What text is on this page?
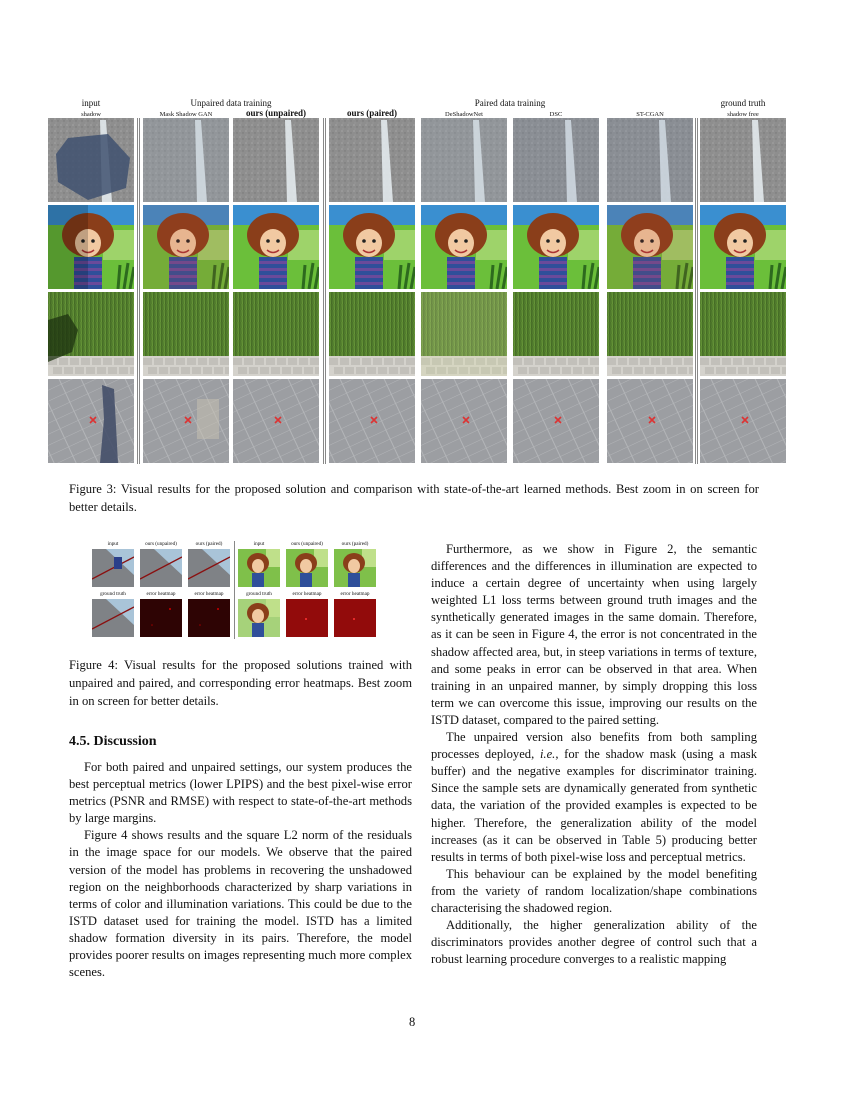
input	Unpaired data training	Paired data training	ground truth
shadow	Mask Shadow GAN	ours (unpaired)	ours (paired)	DeShadowNet	DSC	ST-CGAN	shadow free
Figure 3: Visual results for the proposed solution and comparison with state-of-the-art learned methods. Best zoom in on screen for better details.
input
ground truth
ours (unpaired)
error heatmap
ours (paired)
error heatmap
input
ground truth
ours (unpaired)
error heatmap
ours (paired)
error heatmap
Figure 4: Visual results for the proposed solutions trained with unpaired and paired, and corresponding error heatmaps. Best zoom in on screen for better details.
4.5. Discussion

For both paired and unpaired settings, our system produces the best perceptual metrics (lower LPIPS) and the best pixel-wise error metrics (PSNR and RMSE) with respect to state-of-the-art methods by large margins.

Figure 4 shows results and the square L2 norm of the residuals in the image space for our models. We observe that the paired version of the model has problems in recovering the unshadowed region on the neighborhoods characterized by sharp variations in terms of color and illumination variations. This could be due to the ISTD dataset used for training the model. ISTD has a limited shadow formation diversity in its pairs. Therefore, the model provides poorer results on images representing much more complex scenes.

Furthermore, as we show in Figure 2, the semantic differences and the differences in illumination are expected to induce a certain degree of uncertainty when using largely weighted L1 loss terms between ground truth images and the synthetically generated images in the same domain. Therefore, as it can be seen in Figure 4, the error is not concentrated in the shadow affected area, but, in steep variations in terms of texture, and some peaks in error can be observed in that area. When training in an unpaired manner, by simply dropping this loss term we can overcome this issue, improving our results on the ISTD dataset, compared to the paired setting.

The unpaired version also benefits from both sampling processes deployed, i.e., for the shadow mask (using a mask buffer) and the negative examples for discriminator training. Since the sample sets are dynamically generated from synthetic data, the variation of the provided examples is expected to be higher. Therefore, the generalization ability of the model increases (as it can be observed in Table 5) producing better results in terms of both pixel-wise loss and perceptual metrics.

This behaviour can be explained by the model benefiting from the variety of random localization/shape combinations characterising the shadowed region.

Additionally, the higher generalization ability of the discriminators provides another degree of control such that a robust learning procedure converges to a realistic mapping

8
